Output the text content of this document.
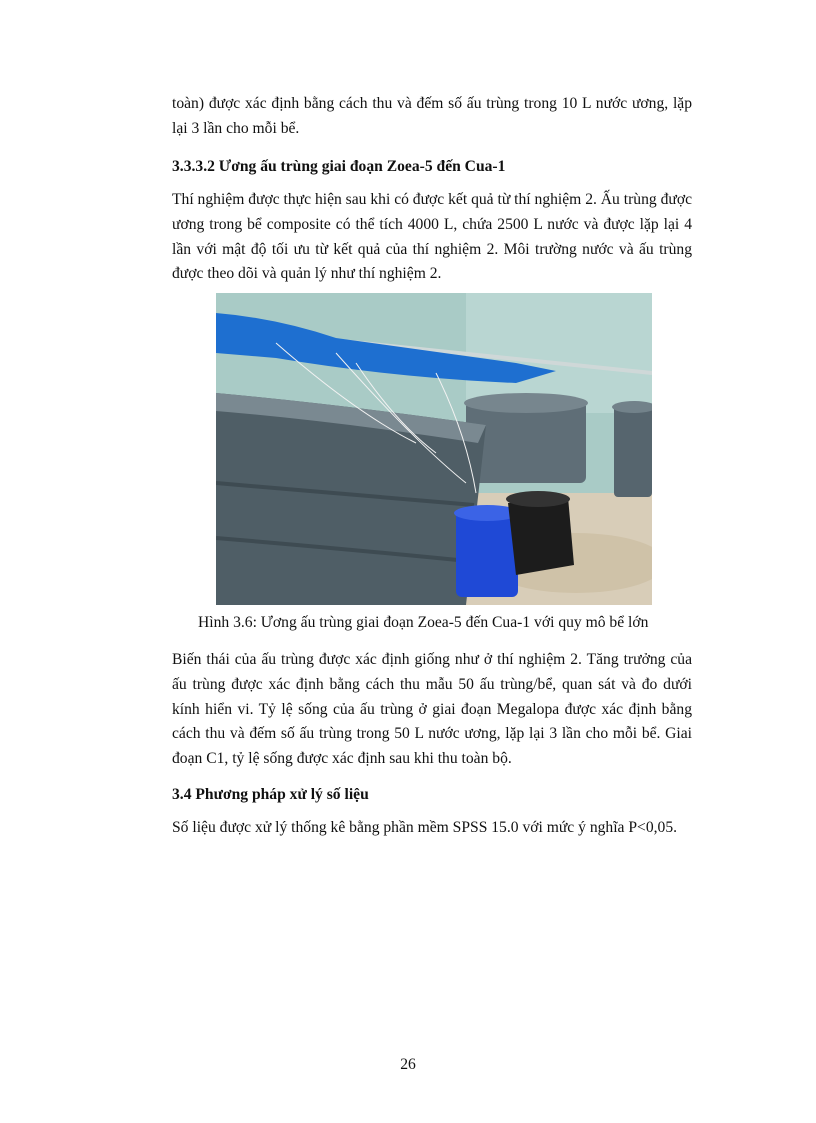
toàn) được xác định bằng cách thu và đếm số ấu trùng trong 10 L nước ương, lặp lại 3 lần cho mỗi bể.

3.3.3.2 Ương ấu trùng giai đoạn Zoea-5 đến Cua-1

Thí nghiệm được thực hiện sau khi có được kết quả từ thí nghiệm 2. Ấu trùng được ương trong bể composite có thể tích 4000 L, chứa 2500 L nước và được lặp lại 4 lần với mật độ tối ưu từ kết quả của thí nghiệm 2. Môi trường nước và ấu trùng được theo dõi và quản lý như thí nghiệm 2.

Hình 3.6: Ương ấu trùng giai đoạn Zoea-5 đến Cua-1 với quy mô bể lớn

Biến thái của ấu trùng được xác định giống như ở thí nghiệm 2. Tăng trưởng của ấu trùng được xác định bằng cách thu mẫu 50 ấu trùng/bể, quan sát và đo dưới kính hiển vi. Tỷ lệ sống của ấu trùng ở giai đoạn Megalopa được xác định bằng cách thu và đếm số ấu trùng trong 50 L nước ương, lặp lại 3 lần cho mỗi bể. Giai đoạn C1, tỷ lệ sống được xác định sau khi thu toàn bộ.

3.4 Phương pháp xử lý số liệu

Số liệu được xử lý thống kê bằng phần mềm SPSS 15.0 với mức ý nghĩa P<0,05.

26
